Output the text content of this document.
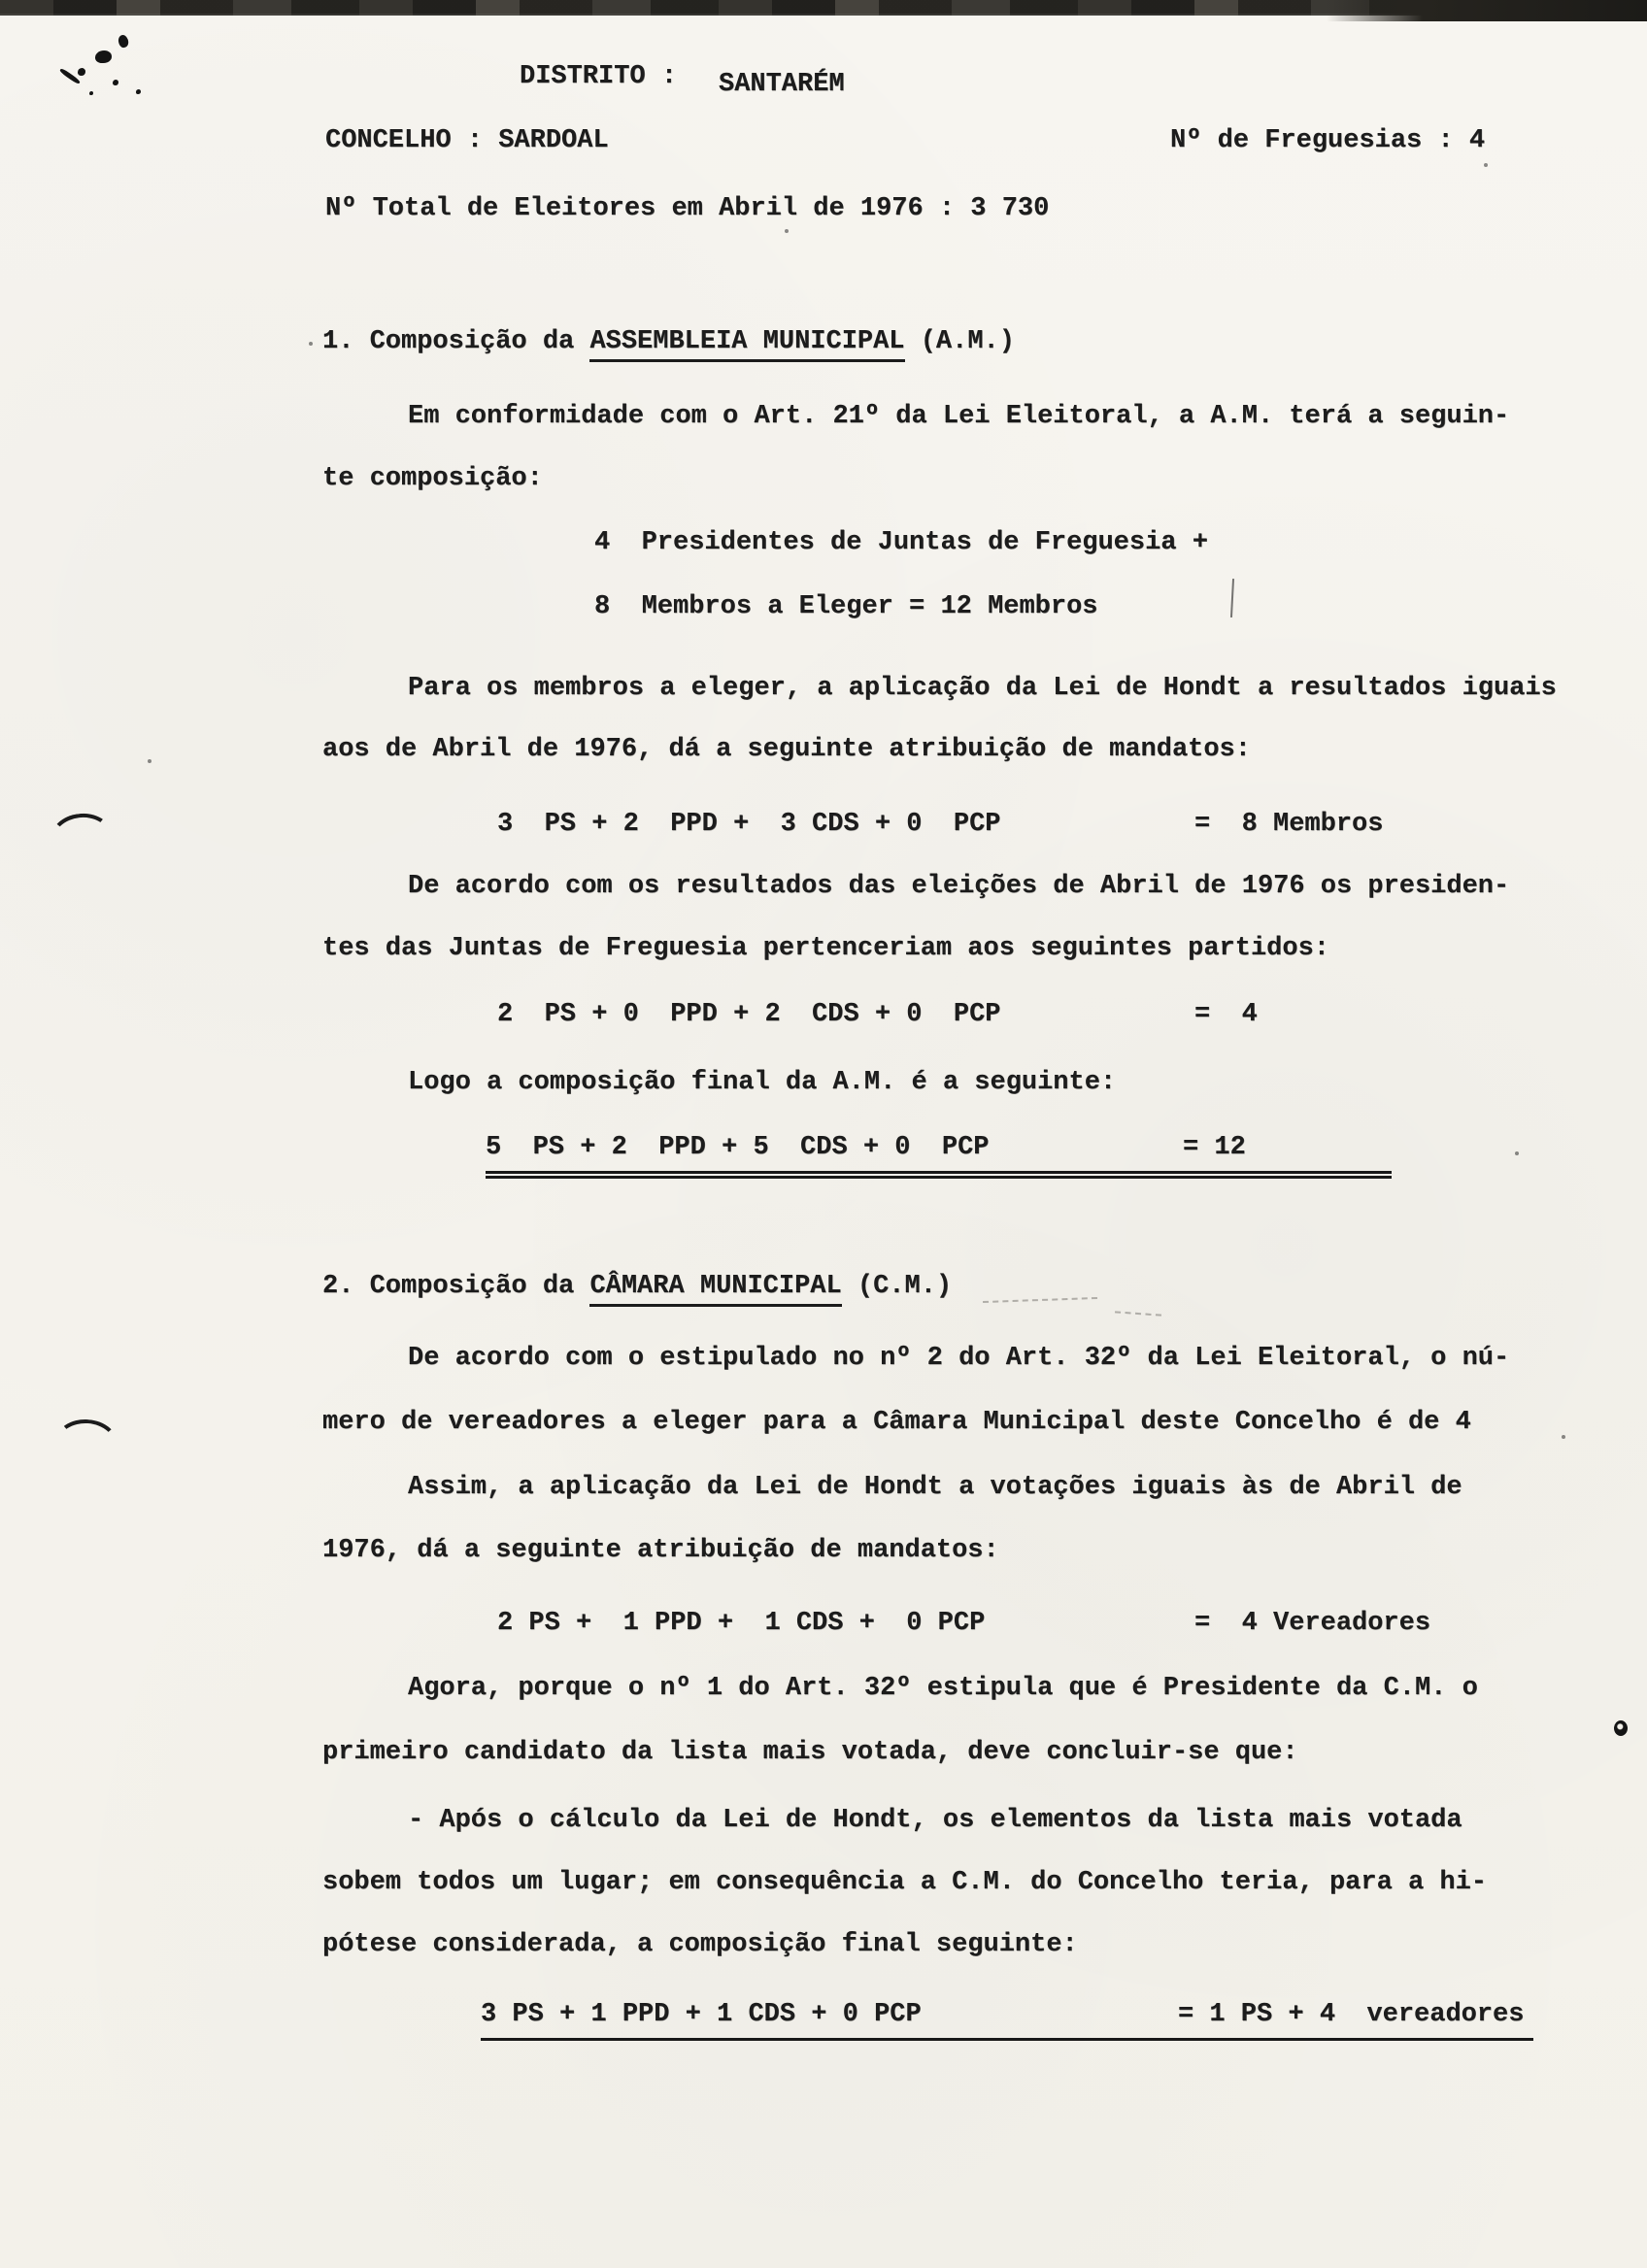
DISTRITO : SANTARÉM
CONCELHO : SARDOAL	Nº de Freguesias : 4
Nº Total de Eleitores em Abril de 1976 : 3 730
1. Composição da ASSEMBLEIA MUNICIPAL (A.M.)
Em conformidade com o Art. 21º da Lei Eleitoral, a A.M. terá a seguin-
te composição:
4  Presidentes de Juntas de Freguesia +
8  Membros a Eleger = 12 Membros
Para os membros a eleger, a aplicação da Lei de Hondt a resultados iguais
aos de Abril de 1976, dá a seguinte atribuição de mandatos:
3  PS + 2  PPD +  3 CDS + 0  PCP	=  8 Membros
De acordo com os resultados das eleições de Abril de 1976 os presiden-
tes das Juntas de Freguesia pertenceriam aos seguintes partidos:
2  PS + 0  PPD + 2  CDS + 0  PCP	=  4
Logo a composição final da A.M. é a seguinte:
5  PS + 2  PPD + 5  CDS + 0  PCP	= 12
2. Composição da CÂMARA MUNICIPAL (C.M.)
De acordo com o estipulado no nº 2 do Art. 32º da Lei Eleitoral, o nú-
mero de vereadores a eleger para a Câmara Municipal deste Concelho é de 4
Assim, a aplicação da Lei de Hondt a votações iguais às de Abril de
1976, dá a seguinte atribuição de mandatos:
2 PS +  1 PPD +  1 CDS +  0 PCP	=  4 Vereadores
Agora, porque o nº 1 do Art. 32º estipula que é Presidente da C.M. o
primeiro candidato da lista mais votada, deve concluir-se que:
- Após o cálculo da Lei de Hondt, os elementos da lista mais votada
sobem todos um lugar; em consequência a C.M. do Concelho teria, para a hi-
pótese considerada, a composição final seguinte:
3 PS + 1 PPD + 1 CDS + 0 PCP	= 1 PS + 4  vereadores
